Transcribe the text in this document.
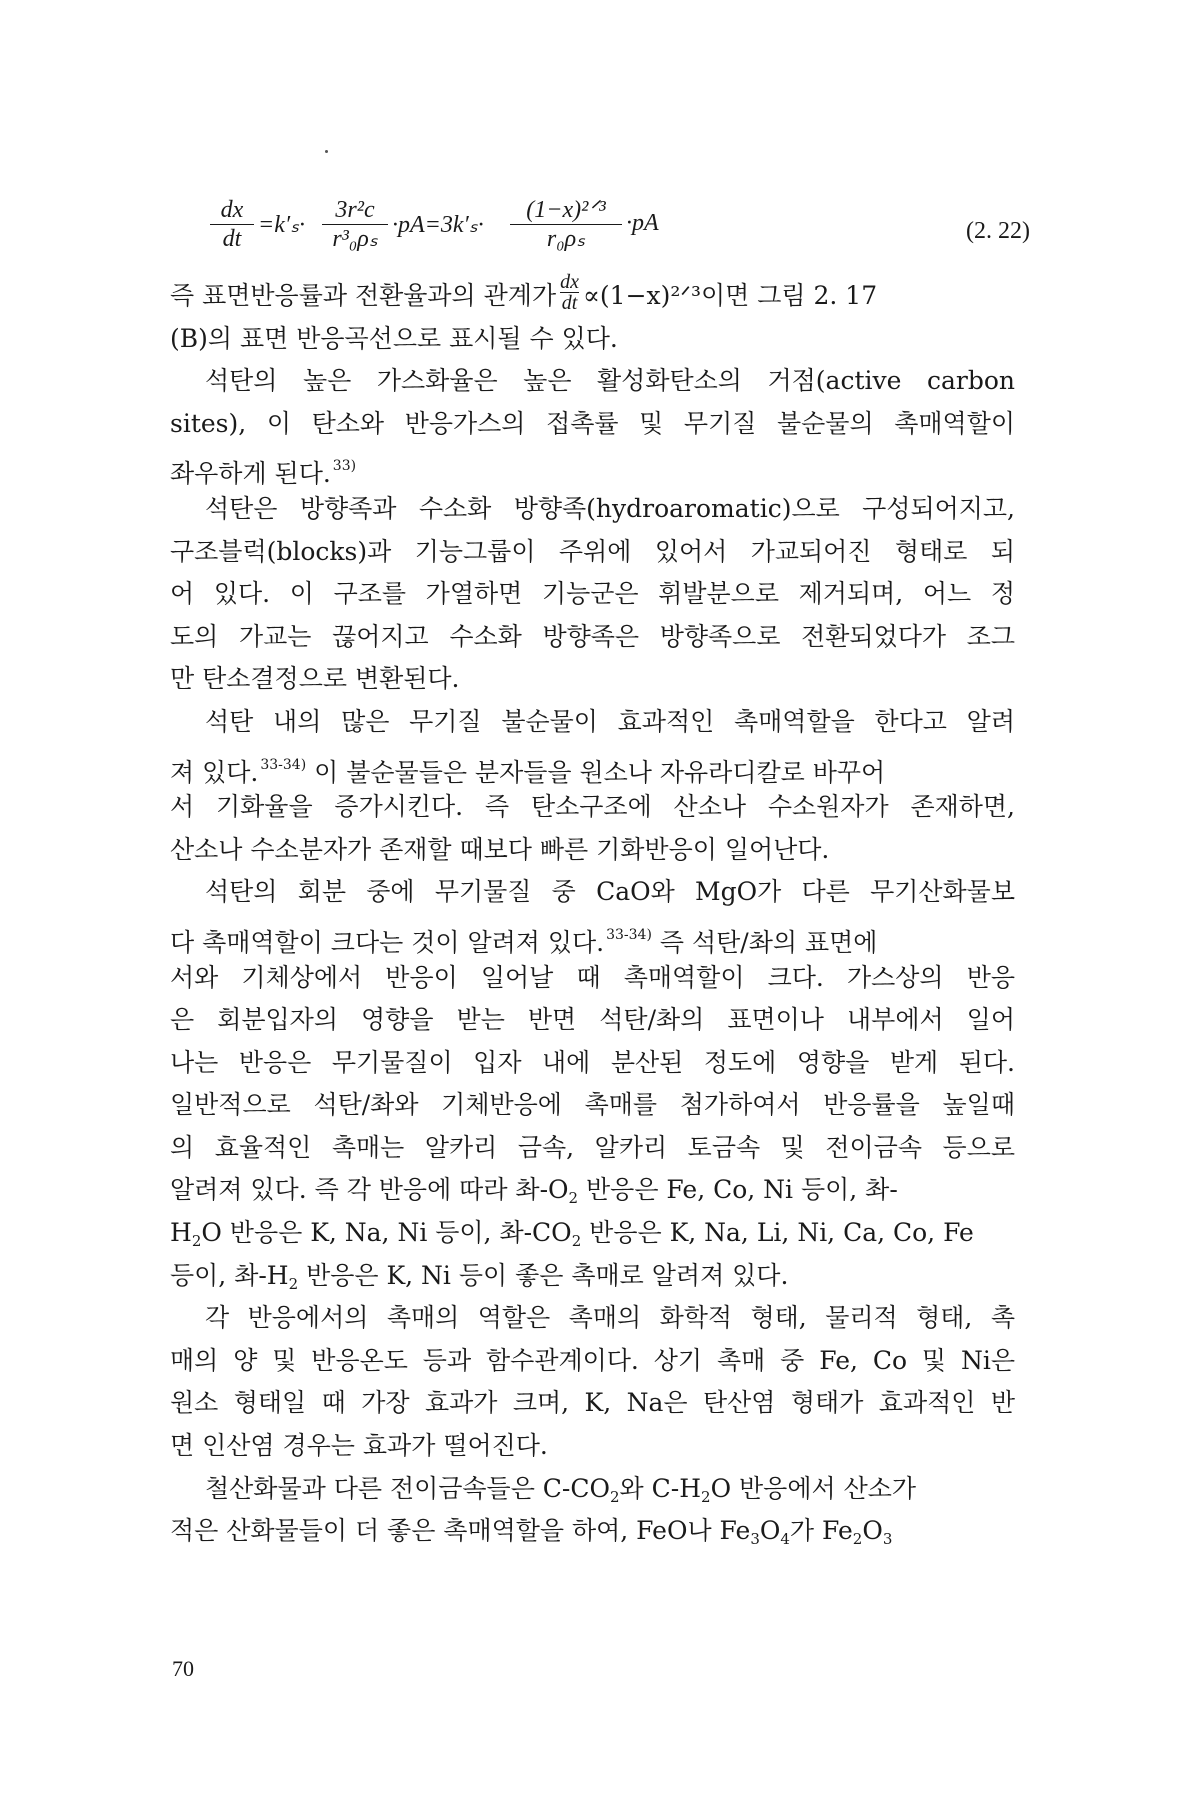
$\frac{dx}{dt} =k'_s\cdot \frac{\text{3r²c}}{\text{r³₀ρₛ}} \cdot pA=3k'_s\cdot$
(1−x)²ᐟ³
r₀ρₛ
·pA	(2. 22)
즉 표면반응률과 전환율과의 관계가 $\frac{dx}{dt}$ ∝(1−x)²ᐟ³이면 그림 2. 17
(B)의 표면 반응곡선으로 표시될 수 있다.
석탄의 높은 가스화율은 높은 활성화탄소의 거점(active carbon
sites), 이 탄소와 반응가스의 접촉률 및 무기질 불순물의 촉매역할이
좌우하게 된다. $^{33)}$
석탄은 방향족과 수소화 방향족(hydroaromatic)으로 구성되어지고,
구조블럭(blocks)과 기능그룹이 주위에 있어서 가교되어진 형태로 되
어 있다. 이 구조를 가열하면 기능군은 휘발분으로 제거되며, 어느 정
도의 가교는 끊어지고 수소화 방향족은 방향족으로 전환되었다가 조그
만 탄소결정으로 변환된다.
석탄 내의 많은 무기질 불순물이 효과적인 촉매역할을 한다고 알려
져 있다. $^{33-34)}$ 이 불순물들은 분자들을 원소나 자유라디칼로 바꾸어
서 기화율을 증가시킨다. 즉 탄소구조에 산소나 수소원자가 존재하면,
산소나 수소분자가 존재할 때보다 빠른 기화반응이 일어난다.
석탄의 회분 중에 무기물질 중 CaO와 MgO가 다른 무기산화물보
다 촉매역할이 크다는 것이 알려져 있다. $^{33-34)}$ 즉 석탄/촤의 표면에
서와 기체상에서 반응이 일어날 때 촉매역할이 크다. 가스상의 반응
은 회분입자의 영향을 받는 반면 석탄/촤의 표면이나 내부에서 일어
나는 반응은 무기물질이 입자 내에 분산된 정도에 영향을 받게 된다.
일반적으로 석탄/촤와 기체반응에 촉매를 첨가하여서 반응률을 높일때
의 효율적인 촉매는 알카리 금속, 알카리 토금속 및 전이금속 등으로
알려져 있다. 즉 각 반응에 따라 촤$-O_2$ 반응은 Fe, Co, Ni 등이, 촤-
$H_2O$ 반응은 K, Na, Ni 등이, 촤$-CO_2$ 반응은 K, Na, Li, Ni, Ca, Co, Fe
등이, 촤$-H_2$ 반응은 K, Ni 등이 좋은 촉매로 알려져 있다.
각 반응에서의 촉매의 역할은 촉매의 화학적 형태, 물리적 형태, 촉
매의 양 및 반응온도 등과 함수관계이다. 상기 촉매 중 Fe, Co 및 Ni은
원소 형태일 때 가장 효과가 크며, K, Na은 탄산염 형태가 효과적인 반
면 인산염 경우는 효과가 떨어진다.
철산화물과 다른 전이금속들은 $C-CO_2$와 $C-H_2O$ 반응에서 산소가
적은 산화물들이 더 좋은 촉매역할을 하여, FeO나 $Fe_3O_4$가 $Fe_2O_3$
70
